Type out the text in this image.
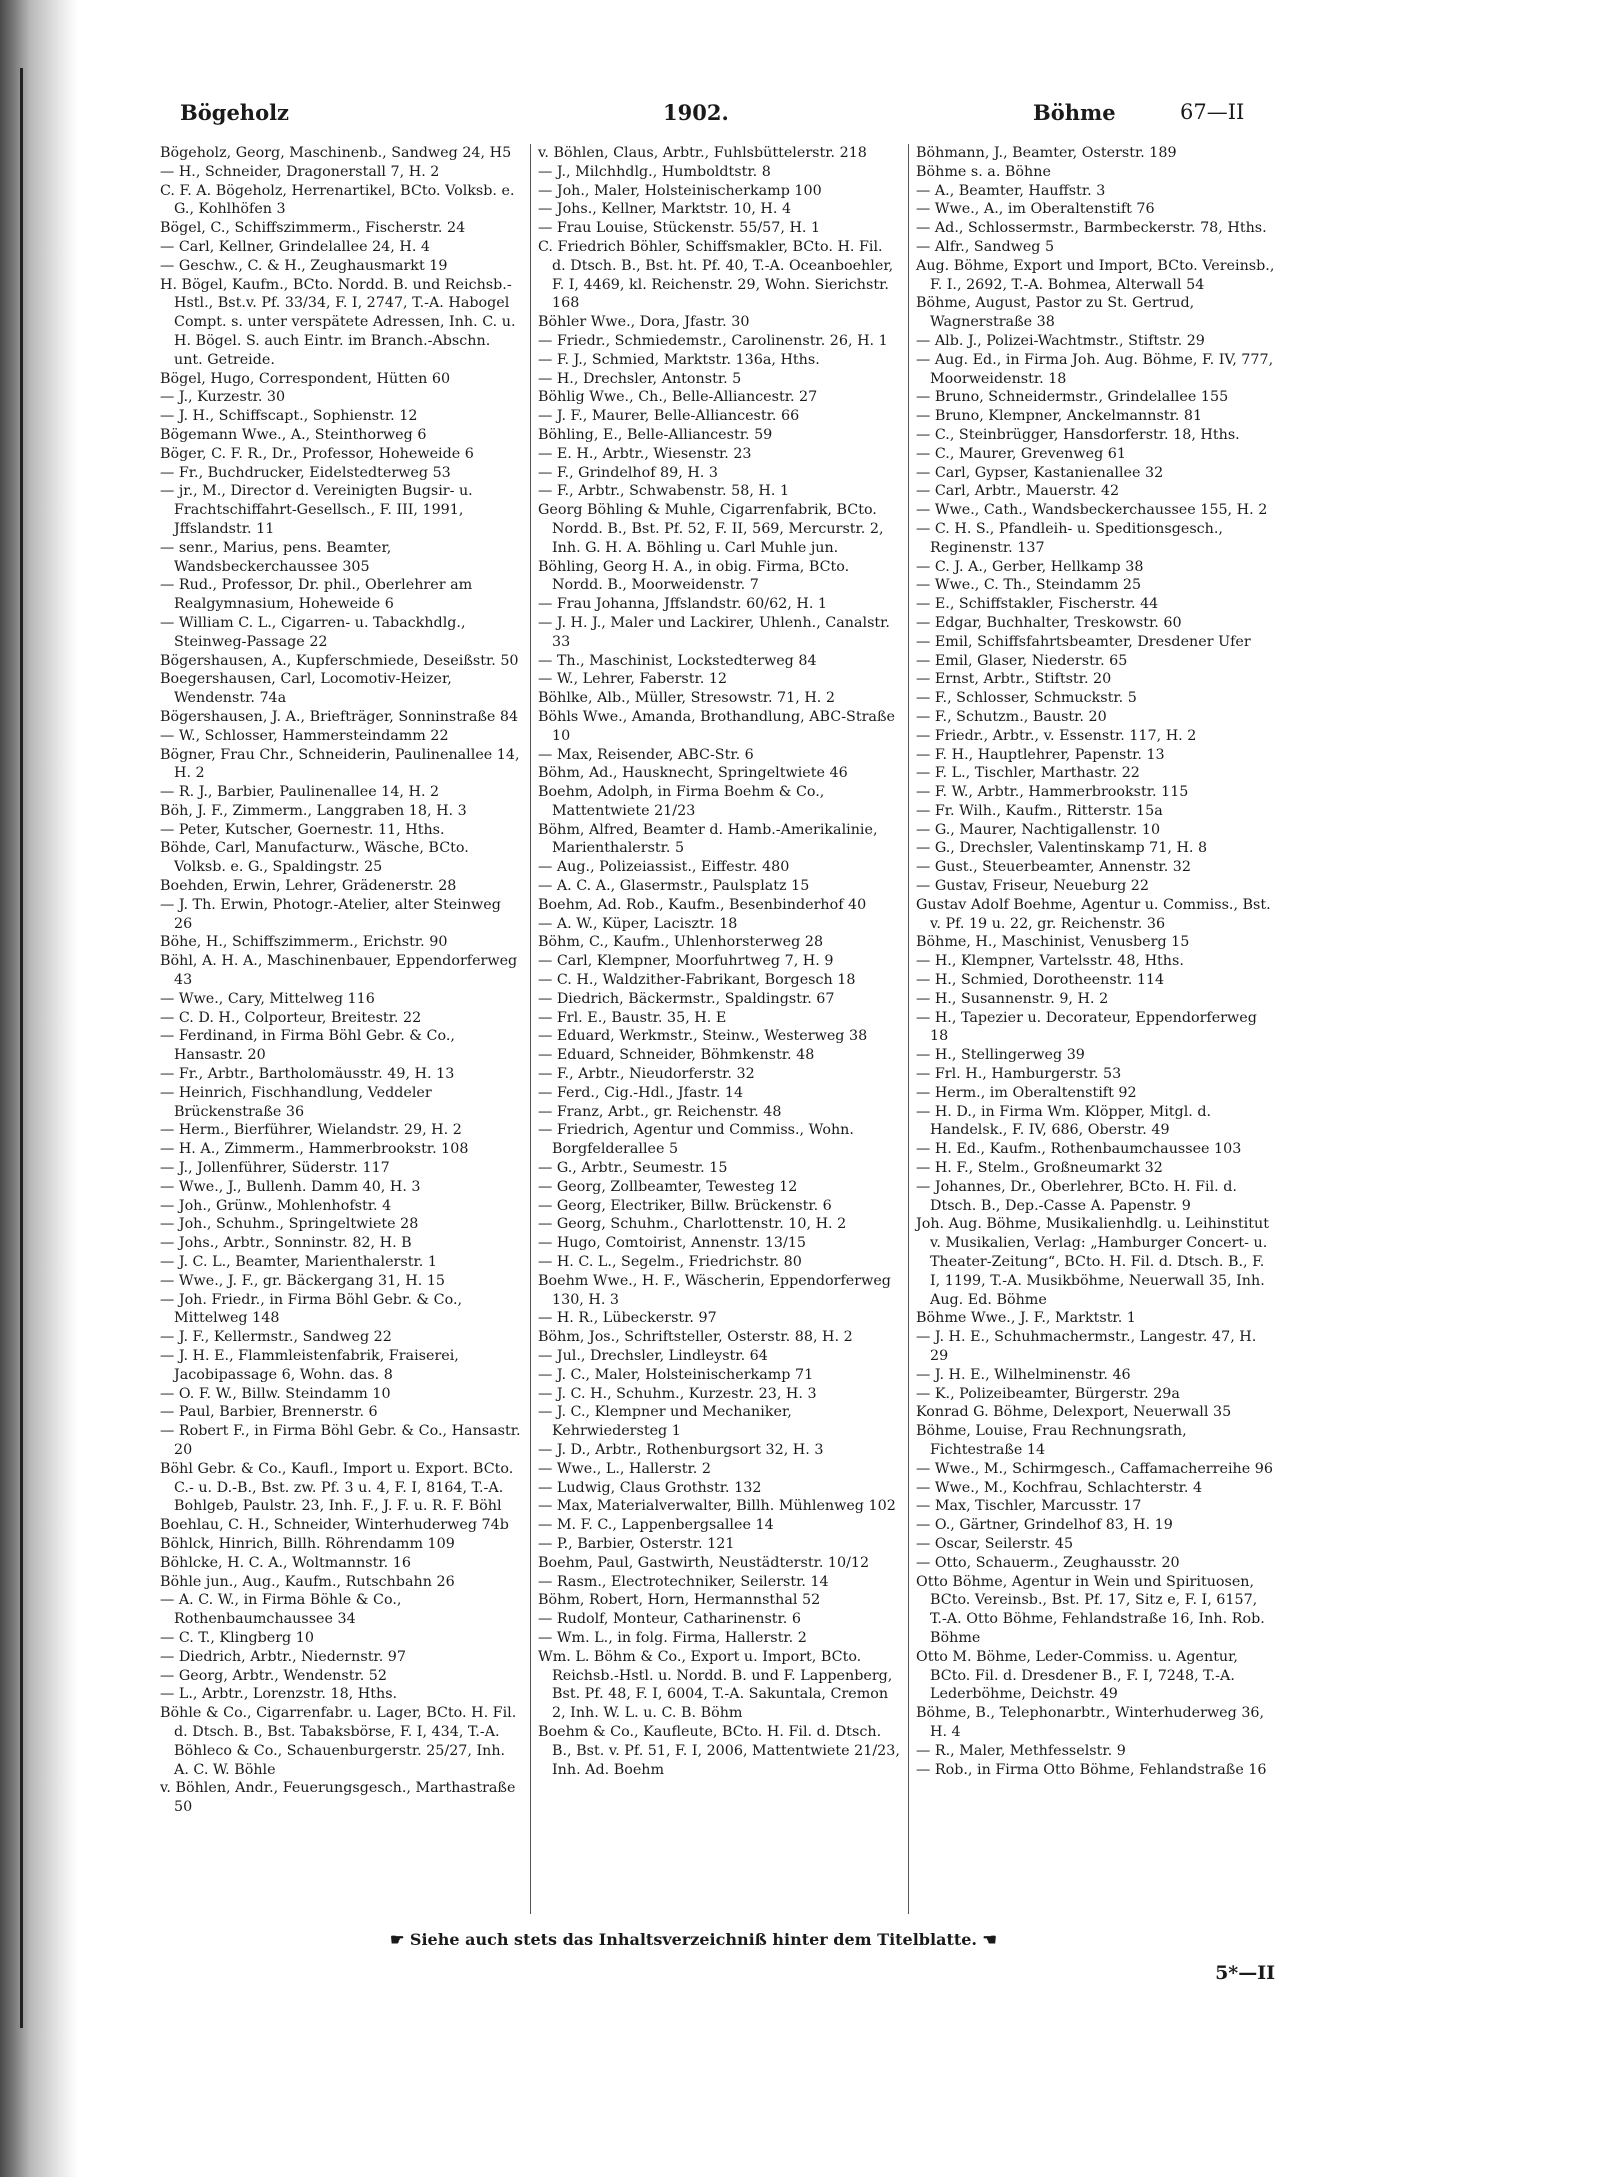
Bögeholz	1902.	Böhme	67—II

Bögeholz, Georg, Maschinenb., Sandweg 24, H5

— H., Schneider, Dragonerstall 7, H. 2

C. F. A. Bögeholz, Herrenartikel, BCto. Volksb. e. G., Kohlhöfen 3

Bögel, C., Schiffszimmerm., Fischerstr. 24

— Carl, Kellner, Grindelallee 24, H. 4

— Geschw., C. & H., Zeughausmarkt 19

H. Bögel, Kaufm., BCto. Nordd. B. und Reichsb.-Hstl., Bst.v. Pf. 33/34, F. I, 2747, T.-A. Habogel Compt. s. unter verspätete Adressen, Inh. C. u. H. Bögel. S. auch Eintr. im Branch.-Abschn. unt. Getreide.

Bögel, Hugo, Correspondent, Hütten 60

— J., Kurzestr. 30

— J. H., Schiffscapt., Sophienstr. 12

Bögemann Wwe., A., Steinthorweg 6

Böger, C. F. R., Dr., Professor, Hoheweide 6

— Fr., Buchdrucker, Eidelstedterweg 53

— jr., M., Director d. Vereinigten Bugsir- u. Frachtschiffahrt-Gesellsch., F. III, 1991, Jffslandstr. 11

— senr., Marius, pens. Beamter, Wandsbeckerchaussee 305

— Rud., Professor, Dr. phil., Oberlehrer am Realgymnasium, Hoheweide 6

— William C. L., Cigarren- u. Tabackhdlg., Steinweg-Passage 22

Bögershausen, A., Kupferschmiede, Deseißstr. 50

Boegershausen, Carl, Locomotiv-Heizer, Wendenstr. 74a

Bögershausen, J. A., Briefträger, Sonninstraße 84

— W., Schlosser, Hammersteindamm 22

Bögner, Frau Chr., Schneiderin, Paulinenallee 14, H. 2

— R. J., Barbier, Paulinenallee 14, H. 2

Böh, J. F., Zimmerm., Langgraben 18, H. 3

— Peter, Kutscher, Goernestr. 11, Hths.

Böhde, Carl, Manufacturw., Wäsche, BCto. Volksb. e. G., Spaldingstr. 25

Boehden, Erwin, Lehrer, Grädenerstr. 28

— J. Th. Erwin, Photogr.-Atelier, alter Steinweg 26

Böhe, H., Schiffszimmerm., Erichstr. 90

Böhl, A. H. A., Maschinenbauer, Eppendorferweg 43

— Wwe., Cary, Mittelweg 116

— C. D. H., Colporteur, Breitestr. 22

— Ferdinand, in Firma Böhl Gebr. & Co., Hansastr. 20

— Fr., Arbtr., Bartholomäusstr. 49, H. 13

— Heinrich, Fischhandlung, Veddeler Brückenstraße 36

— Herm., Bierführer, Wielandstr. 29, H. 2

— H. A., Zimmerm., Hammerbrookstr. 108

— J., Jollenführer, Süderstr. 117

— Wwe., J., Bullenh. Damm 40, H. 3

— Joh., Grünw., Mohlenhofstr. 4

— Joh., Schuhm., Springeltwiete 28

— Johs., Arbtr., Sonninstr. 82, H. B

— J. C. L., Beamter, Marienthalerstr. 1

— Wwe., J. F., gr. Bäckergang 31, H. 15

— Joh. Friedr., in Firma Böhl Gebr. & Co., Mittelweg 148

— J. F., Kellermstr., Sandweg 22

— J. H. E., Flammleistenfabrik, Fraiserei, Jacobipassage 6, Wohn. das. 8

— O. F. W., Billw. Steindamm 10

— Paul, Barbier, Brennerstr. 6

— Robert F., in Firma Böhl Gebr. & Co., Hansastr. 20

Böhl Gebr. & Co., Kaufl., Import u. Export. BCto. C.- u. D.-B., Bst. zw. Pf. 3 u. 4, F. I, 8164, T.-A. Bohlgeb, Paulstr. 23, Inh. F., J. F. u. R. F. Böhl

Boehlau, C. H., Schneider, Winterhuderweg 74b

Böhlck, Hinrich, Billh. Röhrendamm 109

Böhlcke, H. C. A., Woltmannstr. 16

Böhle jun., Aug., Kaufm., Rutschbahn 26

— A. C. W., in Firma Böhle & Co., Rothenbaumchaussee 34

— C. T., Klingberg 10

— Diedrich, Arbtr., Niedernstr. 97

— Georg, Arbtr., Wendenstr. 52

— L., Arbtr., Lorenzstr. 18, Hths.

Böhle & Co., Cigarrenfabr. u. Lager, BCto. H. Fil. d. Dtsch. B., Bst. Tabaksbörse, F. I, 434, T.-A. Böhleco & Co., Schauenburgerstr. 25/27, Inh. A. C. W. Böhle

v. Böhlen, Andr., Feuerungsgesch., Marthastraße 50

v. Böhlen, Claus, Arbtr., Fuhlsbüttelerstr. 218

— J., Milchhdlg., Humboldtstr. 8

— Joh., Maler, Holsteinischerkamp 100

— Johs., Kellner, Marktstr. 10, H. 4

— Frau Louise, Stückenstr. 55/57, H. 1

C. Friedrich Böhler, Schiffsmakler, BCto. H. Fil. d. Dtsch. B., Bst. ht. Pf. 40, T.-A. Oceanboehler, F. I, 4469, kl. Reichenstr. 29, Wohn. Sierichstr. 168

Böhler Wwe., Dora, Jfastr. 30

— Friedr., Schmiedemstr., Carolinenstr. 26, H. 1

— F. J., Schmied, Marktstr. 136a, Hths.

— H., Drechsler, Antonstr. 5

Böhlig Wwe., Ch., Belle-Alliancestr. 27

— J. F., Maurer, Belle-Alliancestr. 66

Böhling, E., Belle-Alliancestr. 59

— E. H., Arbtr., Wiesenstr. 23

— F., Grindelhof 89, H. 3

— F., Arbtr., Schwabenstr. 58, H. 1

Georg Böhling & Muhle, Cigarrenfabrik, BCto. Nordd. B., Bst. Pf. 52, F. II, 569, Mercurstr. 2, Inh. G. H. A. Böhling u. Carl Muhle jun.

Böhling, Georg H. A., in obig. Firma, BCto. Nordd. B., Moorweidenstr. 7

— Frau Johanna, Jffslandstr. 60/62, H. 1

— J. H. J., Maler und Lackirer, Uhlenh., Canalstr. 33

— Th., Maschinist, Lockstedterweg 84

— W., Lehrer, Faberstr. 12

Böhlke, Alb., Müller, Stresowstr. 71, H. 2

Böhls Wwe., Amanda, Brothandlung, ABC-Straße 10

— Max, Reisender, ABC-Str. 6

Böhm, Ad., Hausknecht, Springeltwiete 46

Boehm, Adolph, in Firma Boehm & Co., Mattentwiete 21/23

Böhm, Alfred, Beamter d. Hamb.-Amerikalinie, Marienthalerstr. 5

— Aug., Polizeiassist., Eiffestr. 480

— A. C. A., Glasermstr., Paulsplatz 15

Boehm, Ad. Rob., Kaufm., Besenbinderhof 40

— A. W., Küper, Lacisztr. 18

Böhm, C., Kaufm., Uhlenhorsterweg 28

— Carl, Klempner, Moorfuhrtweg 7, H. 9

— C. H., Waldzither-Fabrikant, Borgesch 18

— Diedrich, Bäckermstr., Spaldingstr. 67

— Frl. E., Baustr. 35, H. E

— Eduard, Werkmstr., Steinw., Westerweg 38

— Eduard, Schneider, Böhmkenstr. 48

— F., Arbtr., Nieudorferstr. 32

— Ferd., Cig.-Hdl., Jfastr. 14

— Franz, Arbt., gr. Reichenstr. 48

— Friedrich, Agentur und Commiss., Wohn. Borgfelderallee 5

— G., Arbtr., Seumestr. 15

— Georg, Zollbeamter, Tewesteg 12

— Georg, Electriker, Billw. Brückenstr. 6

— Georg, Schuhm., Charlottenstr. 10, H. 2

— Hugo, Comtoirist, Annenstr. 13/15

— H. C. L., Segelm., Friedrichstr. 80

Boehm Wwe., H. F., Wäscherin, Eppendorferweg 130, H. 3

— H. R., Lübeckerstr. 97

Böhm, Jos., Schriftsteller, Osterstr. 88, H. 2

— Jul., Drechsler, Lindleystr. 64

— J. C., Maler, Holsteinischerkamp 71

— J. C. H., Schuhm., Kurzestr. 23, H. 3

— J. C., Klempner und Mechaniker, Kehrwiedersteg 1

— J. D., Arbtr., Rothenburgsort 32, H. 3

— Wwe., L., Hallerstr. 2

— Ludwig, Claus Grothstr. 132

— Max, Materialverwalter, Billh. Mühlenweg 102

— M. F. C., Lappenbergsallee 14

— P., Barbier, Osterstr. 121

Boehm, Paul, Gastwirth, Neustädterstr. 10/12

— Rasm., Electrotechniker, Seilerstr. 14

Böhm, Robert, Horn, Hermannsthal 52

— Rudolf, Monteur, Catharinenstr. 6

— Wm. L., in folg. Firma, Hallerstr. 2

Wm. L. Böhm & Co., Export u. Import, BCto. Reichsb.-Hstl. u. Nordd. B. und F. Lappenberg, Bst. Pf. 48, F. I, 6004, T.-A. Sakuntala, Cremon 2, Inh. W. L. u. C. B. Böhm

Boehm & Co., Kaufleute, BCto. H. Fil. d. Dtsch. B., Bst. v. Pf. 51, F. I, 2006, Mattentwiete 21/23, Inh. Ad. Boehm

Böhmann, J., Beamter, Osterstr. 189

Böhme s. a. Böhne

— A., Beamter, Hauffstr. 3

— Wwe., A., im Oberaltenstift 76

— Ad., Schlossermstr., Barmbeckerstr. 78, Hths.

— Alfr., Sandweg 5

Aug. Böhme, Export und Import, BCto. Vereinsb., F. I., 2692, T.-A. Bohmea, Alterwall 54

Böhme, August, Pastor zu St. Gertrud, Wagnerstraße 38

— Alb. J., Polizei-Wachtmstr., Stiftstr. 29

— Aug. Ed., in Firma Joh. Aug. Böhme, F. IV, 777, Moorweidenstr. 18

— Bruno, Schneidermstr., Grindelallee 155

— Bruno, Klempner, Anckelmannstr. 81

— C., Steinbrügger, Hansdorferstr. 18, Hths.

— C., Maurer, Grevenweg 61

— Carl, Gypser, Kastanienallee 32

— Carl, Arbtr., Mauerstr. 42

— Wwe., Cath., Wandsbeckerchaussee 155, H. 2

— C. H. S., Pfandleih- u. Speditionsgesch., Reginenstr. 137

— C. J. A., Gerber, Hellkamp 38

— Wwe., C. Th., Steindamm 25

— E., Schiffstakler, Fischerstr. 44

— Edgar, Buchhalter, Treskowstr. 60

— Emil, Schiffsfahrtsbeamter, Dresdener Ufer

— Emil, Glaser, Niederstr. 65

— Ernst, Arbtr., Stiftstr. 20

— F., Schlosser, Schmuckstr. 5

— F., Schutzm., Baustr. 20

— Friedr., Arbtr., v. Essenstr. 117, H. 2

— F. H., Hauptlehrer, Papenstr. 13

— F. L., Tischler, Marthastr. 22

— F. W., Arbtr., Hammerbrookstr. 115

— Fr. Wilh., Kaufm., Ritterstr. 15a

— G., Maurer, Nachtigallenstr. 10

— G., Drechsler, Valentinskamp 71, H. 8

— Gust., Steuerbeamter, Annenstr. 32

— Gustav, Friseur, Neueburg 22

Gustav Adolf Boehme, Agentur u. Commiss., Bst. v. Pf. 19 u. 22, gr. Reichenstr. 36

Böhme, H., Maschinist, Venusberg 15

— H., Klempner, Vartelsstr. 48, Hths.

— H., Schmied, Dorotheenstr. 114

— H., Susannenstr. 9, H. 2

— H., Tapezier u. Decorateur, Eppendorferweg 18

— H., Stellingerweg 39

— Frl. H., Hamburgerstr. 53

— Herm., im Oberaltenstift 92

— H. D., in Firma Wm. Klöpper, Mitgl. d. Handelsk., F. IV, 686, Oberstr. 49

— H. Ed., Kaufm., Rothenbaumchaussee 103

— H. F., Stelm., Großneumarkt 32

— Johannes, Dr., Oberlehrer, BCto. H. Fil. d. Dtsch. B., Dep.-Casse A. Papenstr. 9

Joh. Aug. Böhme, Musikalienhdlg. u. Leihinstitut v. Musikalien, Verlag: „Hamburger Concert- u. Theater-Zeitung“, BCto. H. Fil. d. Dtsch. B., F. I, 1199, T.-A. Musikböhme, Neuerwall 35, Inh. Aug. Ed. Böhme

Böhme Wwe., J. F., Marktstr. 1

— J. H. E., Schuhmachermstr., Langestr. 47, H. 29

— J. H. E., Wilhelminenstr. 46

— K., Polizeibeamter, Bürgerstr. 29a

Konrad G. Böhme, Delexport, Neuerwall 35

Böhme, Louise, Frau Rechnungsrath, Fichtestraße 14

— Wwe., M., Schirmgesch., Caffamacherreihe 96

— Wwe., M., Kochfrau, Schlachterstr. 4

— Max, Tischler, Marcusstr. 17

— O., Gärtner, Grindelhof 83, H. 19

— Oscar, Seilerstr. 45

— Otto, Schauerm., Zeughausstr. 20

Otto Böhme, Agentur in Wein und Spirituosen, BCto. Vereinsb., Bst. Pf. 17, Sitz e, F. I, 6157, T.-A. Otto Böhme, Fehlandstraße 16, Inh. Rob. Böhme

Otto M. Böhme, Leder-Commiss. u. Agentur, BCto. Fil. d. Dresdener B., F. I, 7248, T.-A. Lederböhme, Deichstr. 49

Böhme, B., Telephonarbtr., Winterhuderweg 36, H. 4

— R., Maler, Methfesselstr. 9

— Rob., in Firma Otto Böhme, Fehlandstraße 16

☛ Siehe auch stets das Inhaltsverzeichniß hinter dem Titelblatte. ☚
5*—II
